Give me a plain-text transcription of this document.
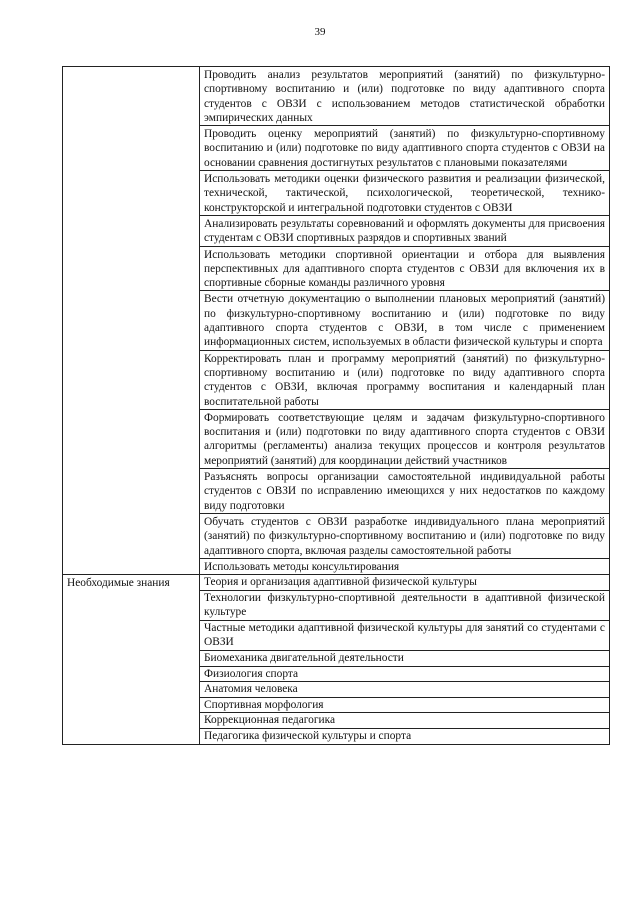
39
	Проводить анализ результатов мероприятий (занятий) по физкультурно-спортивному воспитанию и (или) подготовке по виду адаптивного спорта студентов с ОВЗИ с использованием методов статистической обработки эмпирических данных
	Проводить оценку мероприятий (занятий) по физкультурно-спортивному воспитанию и (или) подготовке по виду адаптивного спорта студентов с ОВЗИ на основании сравнения достигнутых результатов с плановыми показателями
	Использовать методики оценки физического развития и реализации физической, технической, тактической, психологической, теоретической, технико-конструкторской и интегральной подготовки студентов с ОВЗИ
	Анализировать результаты соревнований и оформлять документы для присвоения студентам с ОВЗИ спортивных разрядов и спортивных званий
	Использовать методики спортивной ориентации и отбора для выявления перспективных для адаптивного спорта студентов с ОВЗИ для включения их в спортивные сборные команды различного уровня
	Вести отчетную документацию о выполнении плановых мероприятий (занятий) по физкультурно-спортивному воспитанию и (или) подготовке по виду адаптивного спорта студентов с ОВЗИ, в том числе с применением информационных систем, используемых в области физической культуры и спорта
	Корректировать план и программу мероприятий (занятий) по физкультурно-спортивному воспитанию и (или) подготовке по виду адаптивного спорта студентов с ОВЗИ, включая программу воспитания и календарный план воспитательной работы
	Формировать соответствующие целям и задачам физкультурно-спортивного воспитания и (или) подготовки по виду адаптивного спорта студентов с ОВЗИ алгоритмы (регламенты) анализа текущих процессов и контроля результатов мероприятий (занятий) для координации действий участников
	Разъяснять вопросы организации самостоятельной индивидуальной работы студентов с ОВЗИ по исправлению имеющихся у них недостатков по каждому виду подготовки
	Обучать студентов с ОВЗИ разработке индивидуального плана мероприятий (занятий) по физкультурно-спортивному воспитанию и (или) подготовке по виду адаптивного спорта, включая разделы самостоятельной работы
	Использовать методы консультирования
Необходимые знания	Теория и организация адаптивной физической культуры
	Технологии физкультурно-спортивной деятельности в адаптивной физической культуре
	Частные методики адаптивной физической культуры для занятий со студентами с ОВЗИ
	Биомеханика двигательной деятельности
	Физиология спорта
	Анатомия человека
	Спортивная морфология
	Коррекционная педагогика
	Педагогика физической культуры и спорта
